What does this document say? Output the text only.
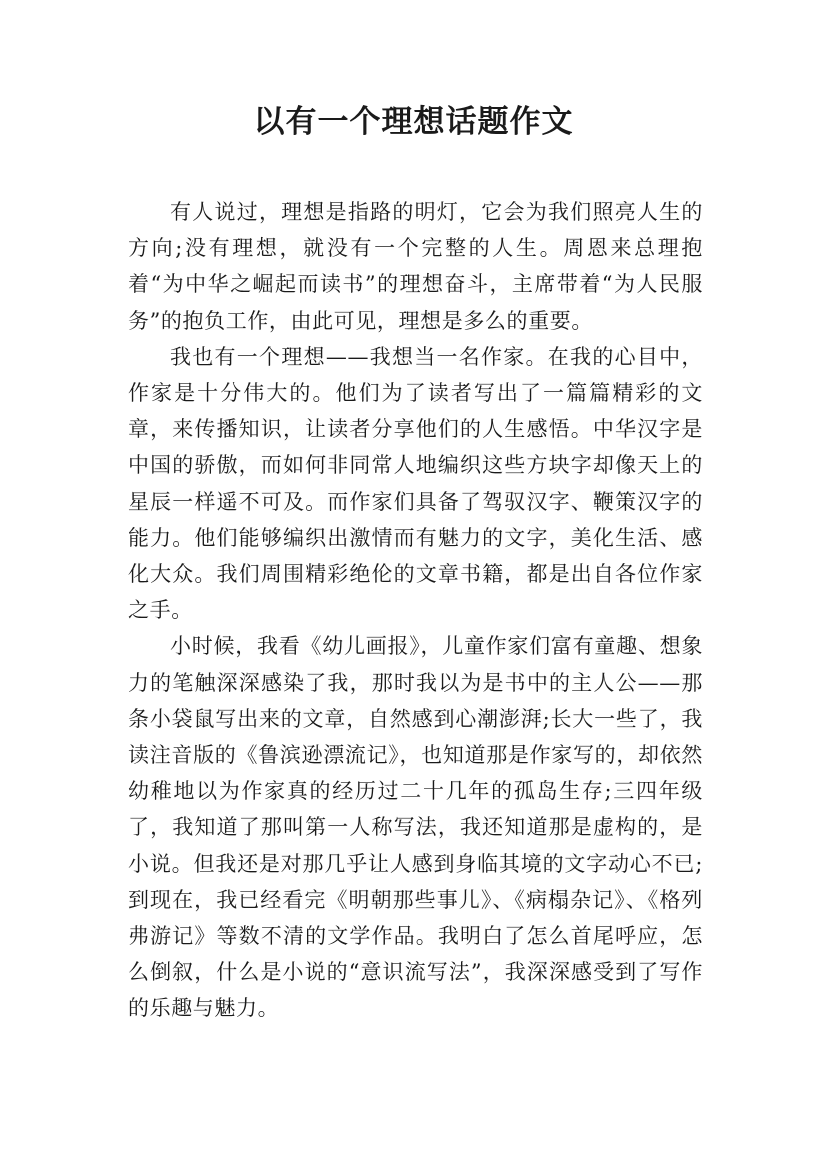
以有一个理想话题作文

有人说过，理想是指路的明灯，它会为我们照亮人生的方向;没有理想，就没有一个完整的人生。周恩来总理抱着“为中华之崛起而读书”的理想奋斗，主席带着“为人民服务”的抱负工作，由此可见，理想是多么的重要。

我也有一个理想——我想当一名作家。在我的心目中，作家是十分伟大的。他们为了读者写出了一篇篇精彩的文章，来传播知识，让读者分享他们的人生感悟。中华汉字是中国的骄傲，而如何非同常人地编织这些方块字却像天上的星辰一样遥不可及。而作家们具备了驾驭汉字、鞭策汉字的能力。他们能够编织出激情而有魅力的文字，美化生活、感化大众。我们周围精彩绝伦的文章书籍，都是出自各位作家之手。

小时候，我看《幼儿画报》，儿童作家们富有童趣、想象力的笔触深深感染了我，那时我以为是书中的主人公——那条小袋鼠写出来的文章，自然感到心潮澎湃;长大一些了，我读注音版的《鲁滨逊漂流记》，也知道那是作家写的，却依然幼稚地以为作家真的经历过二十几年的孤岛生存;三四年级了，我知道了那叫第一人称写法，我还知道那是虚构的，是小说。但我还是对那几乎让人感到身临其境的文字动心不已;到现在，我已经看完《明朝那些事儿》、《病榻杂记》、《格列弗游记》等数不清的文学作品。我明白了怎么首尾呼应，怎么倒叙，什么是小说的“意识流写法”，我深深感受到了写作的乐趣与魅力。
